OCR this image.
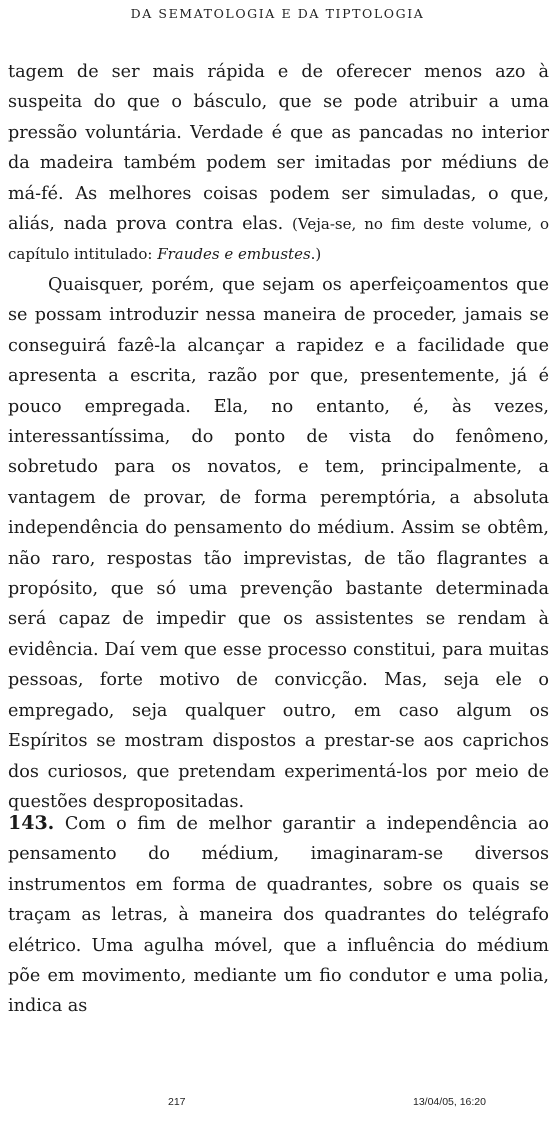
DA SEMATOLOGIA E DA TIPTOLOGIA

tagem de ser mais rápida e de oferecer menos azo à suspeita do que o básculo, que se pode atribuir a uma pressão voluntária. Verdade é que as pancadas no interior da madeira também podem ser imitadas por médiuns de má-fé. As melhores coisas podem ser simuladas, o que, aliás, nada prova contra elas. (Veja-se, no fim deste volume, o capítulo intitulado: Fraudes e embustes.)

Quaisquer, porém, que sejam os aperfeiçoamentos que se possam introduzir nessa maneira de proceder, jamais se conseguirá fazê-la alcançar a rapidez e a facilidade que apresenta a escrita, razão por que, presentemente, já é pouco empregada. Ela, no entanto, é, às vezes, interessantíssima, do ponto de vista do fenômeno, sobretudo para os novatos, e tem, principalmente, a vantagem de provar, de forma peremptória, a absoluta independência do pensamento do médium. Assim se obtêm, não raro, respostas tão imprevistas, de tão flagrantes a propósito, que só uma prevenção bastante determinada será capaz de impedir que os assistentes se rendam à evidência. Daí vem que esse processo constitui, para muitas pessoas, forte motivo de convicção. Mas, seja ele o empregado, seja qualquer outro, em caso algum os Espíritos se mostram dispostos a prestar-se aos caprichos dos curiosos, que pretendam experimentá-los por meio de questões despropositadas.

143. Com o fim de melhor garantir a independência ao pensamento do médium, imaginaram-se diversos instrumentos em forma de quadrantes, sobre os quais se traçam as letras, à maneira dos quadrantes do telégrafo elétrico. Uma agulha móvel, que a influência do médium põe em movimento, mediante um fio condutor e uma polia, indica as

217	13/04/05, 16:20
